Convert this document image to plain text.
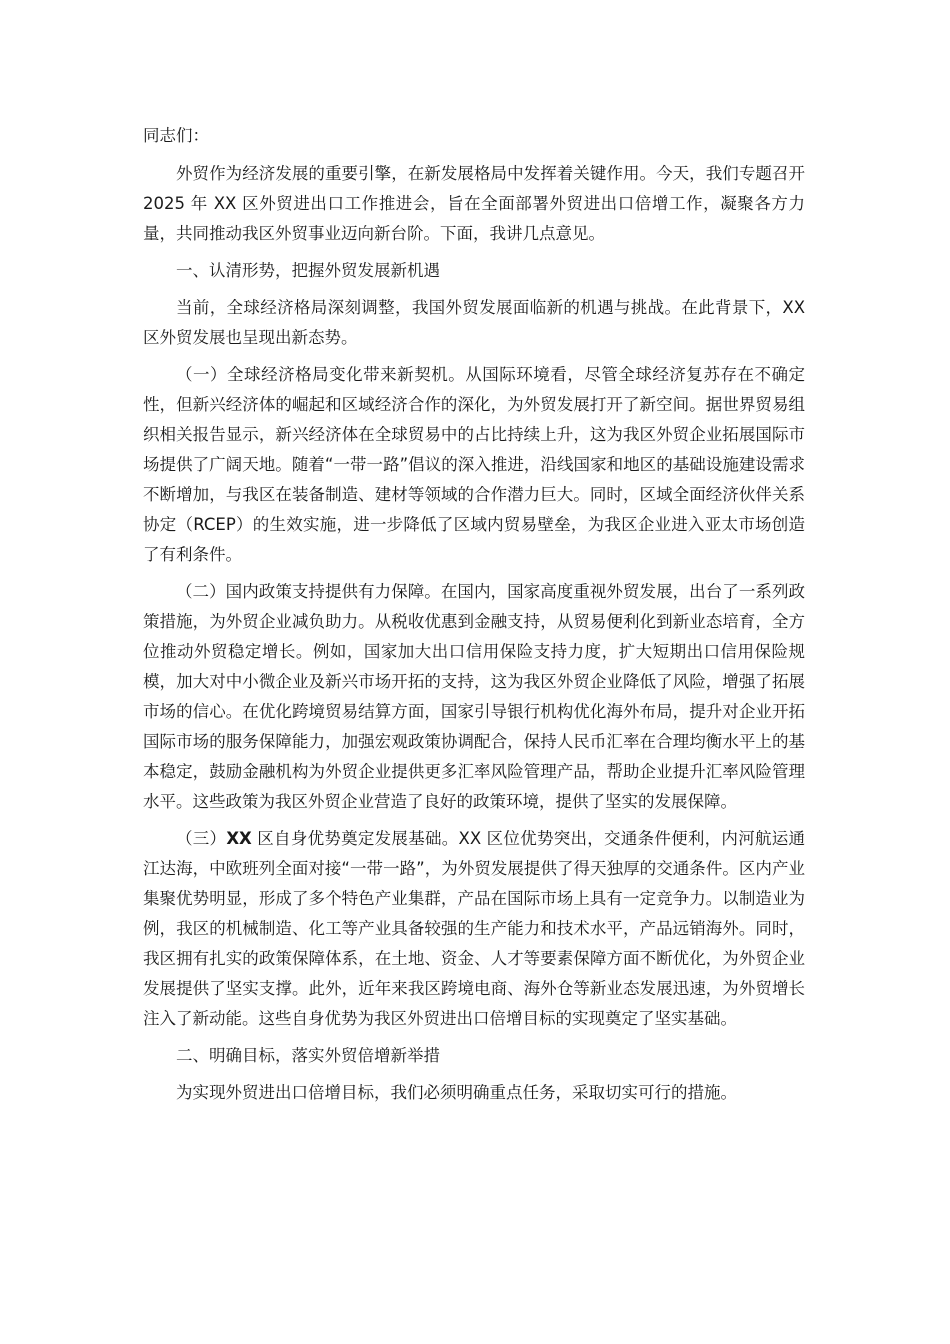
同志们：

外贸作为经济发展的重要引擎，在新发展格局中发挥着关键作用。今天，我们专题召开 2025 年 XX 区外贸进出口工作推进会，旨在全面部署外贸进出口倍增工作，凝聚各方力量，共同推动我区外贸事业迈向新台阶。下面，我讲几点意见。

一、认清形势，把握外贸发展新机遇

当前，全球经济格局深刻调整，我国外贸发展面临新的机遇与挑战。在此背景下，XX 区外贸发展也呈现出新态势。

（一）全球经济格局变化带来新契机。从国际环境看，尽管全球经济复苏存在不确定性，但新兴经济体的崛起和区域经济合作的深化，为外贸发展打开了新空间。据世界贸易组织相关报告显示，新兴经济体在全球贸易中的占比持续上升，这为我区外贸企业拓展国际市场提供了广阔天地。随着“一带一路”倡议的深入推进，沿线国家和地区的基础设施建设需求不断增加，与我区在装备制造、建材等领域的合作潜力巨大。同时，区域全面经济伙伴关系协定（RCEP）的生效实施，进一步降低了区域内贸易壁垒，为我区企业进入亚太市场创造了有利条件。

（二）国内政策支持提供有力保障。在国内，国家高度重视外贸发展，出台了一系列政策措施，为外贸企业减负助力。从税收优惠到金融支持，从贸易便利化到新业态培育，全方位推动外贸稳定增长。例如，国家加大出口信用保险支持力度，扩大短期出口信用保险规模，加大对中小微企业及新兴市场开拓的支持，这为我区外贸企业降低了风险，增强了拓展市场的信心。在优化跨境贸易结算方面，国家引导银行机构优化海外布局，提升对企业开拓国际市场的服务保障能力，加强宏观政策协调配合，保持人民币汇率在合理均衡水平上的基本稳定，鼓励金融机构为外贸企业提供更多汇率风险管理产品，帮助企业提升汇率风险管理水平。这些政策为我区外贸企业营造了良好的政策环境，提供了坚实的发展保障。

（三）XX 区自身优势奠定发展基础。XX 区位优势突出，交通条件便利，内河航运通江达海，中欧班列全面对接“一带一路”，为外贸发展提供了得天独厚的交通条件。区内产业集聚优势明显，形成了多个特色产业集群，产品在国际市场上具有一定竞争力。以制造业为例，我区的机械制造、化工等产业具备较强的生产能力和技术水平，产品远销海外。同时，我区拥有扎实的政策保障体系，在土地、资金、人才等要素保障方面不断优化，为外贸企业发展提供了坚实支撑。此外，近年来我区跨境电商、海外仓等新业态发展迅速，为外贸增长注入了新动能。这些自身优势为我区外贸进出口倍增目标的实现奠定了坚实基础。

二、明确目标，落实外贸倍增新举措

为实现外贸进出口倍增目标，我们必须明确重点任务，采取切实可行的措施。
